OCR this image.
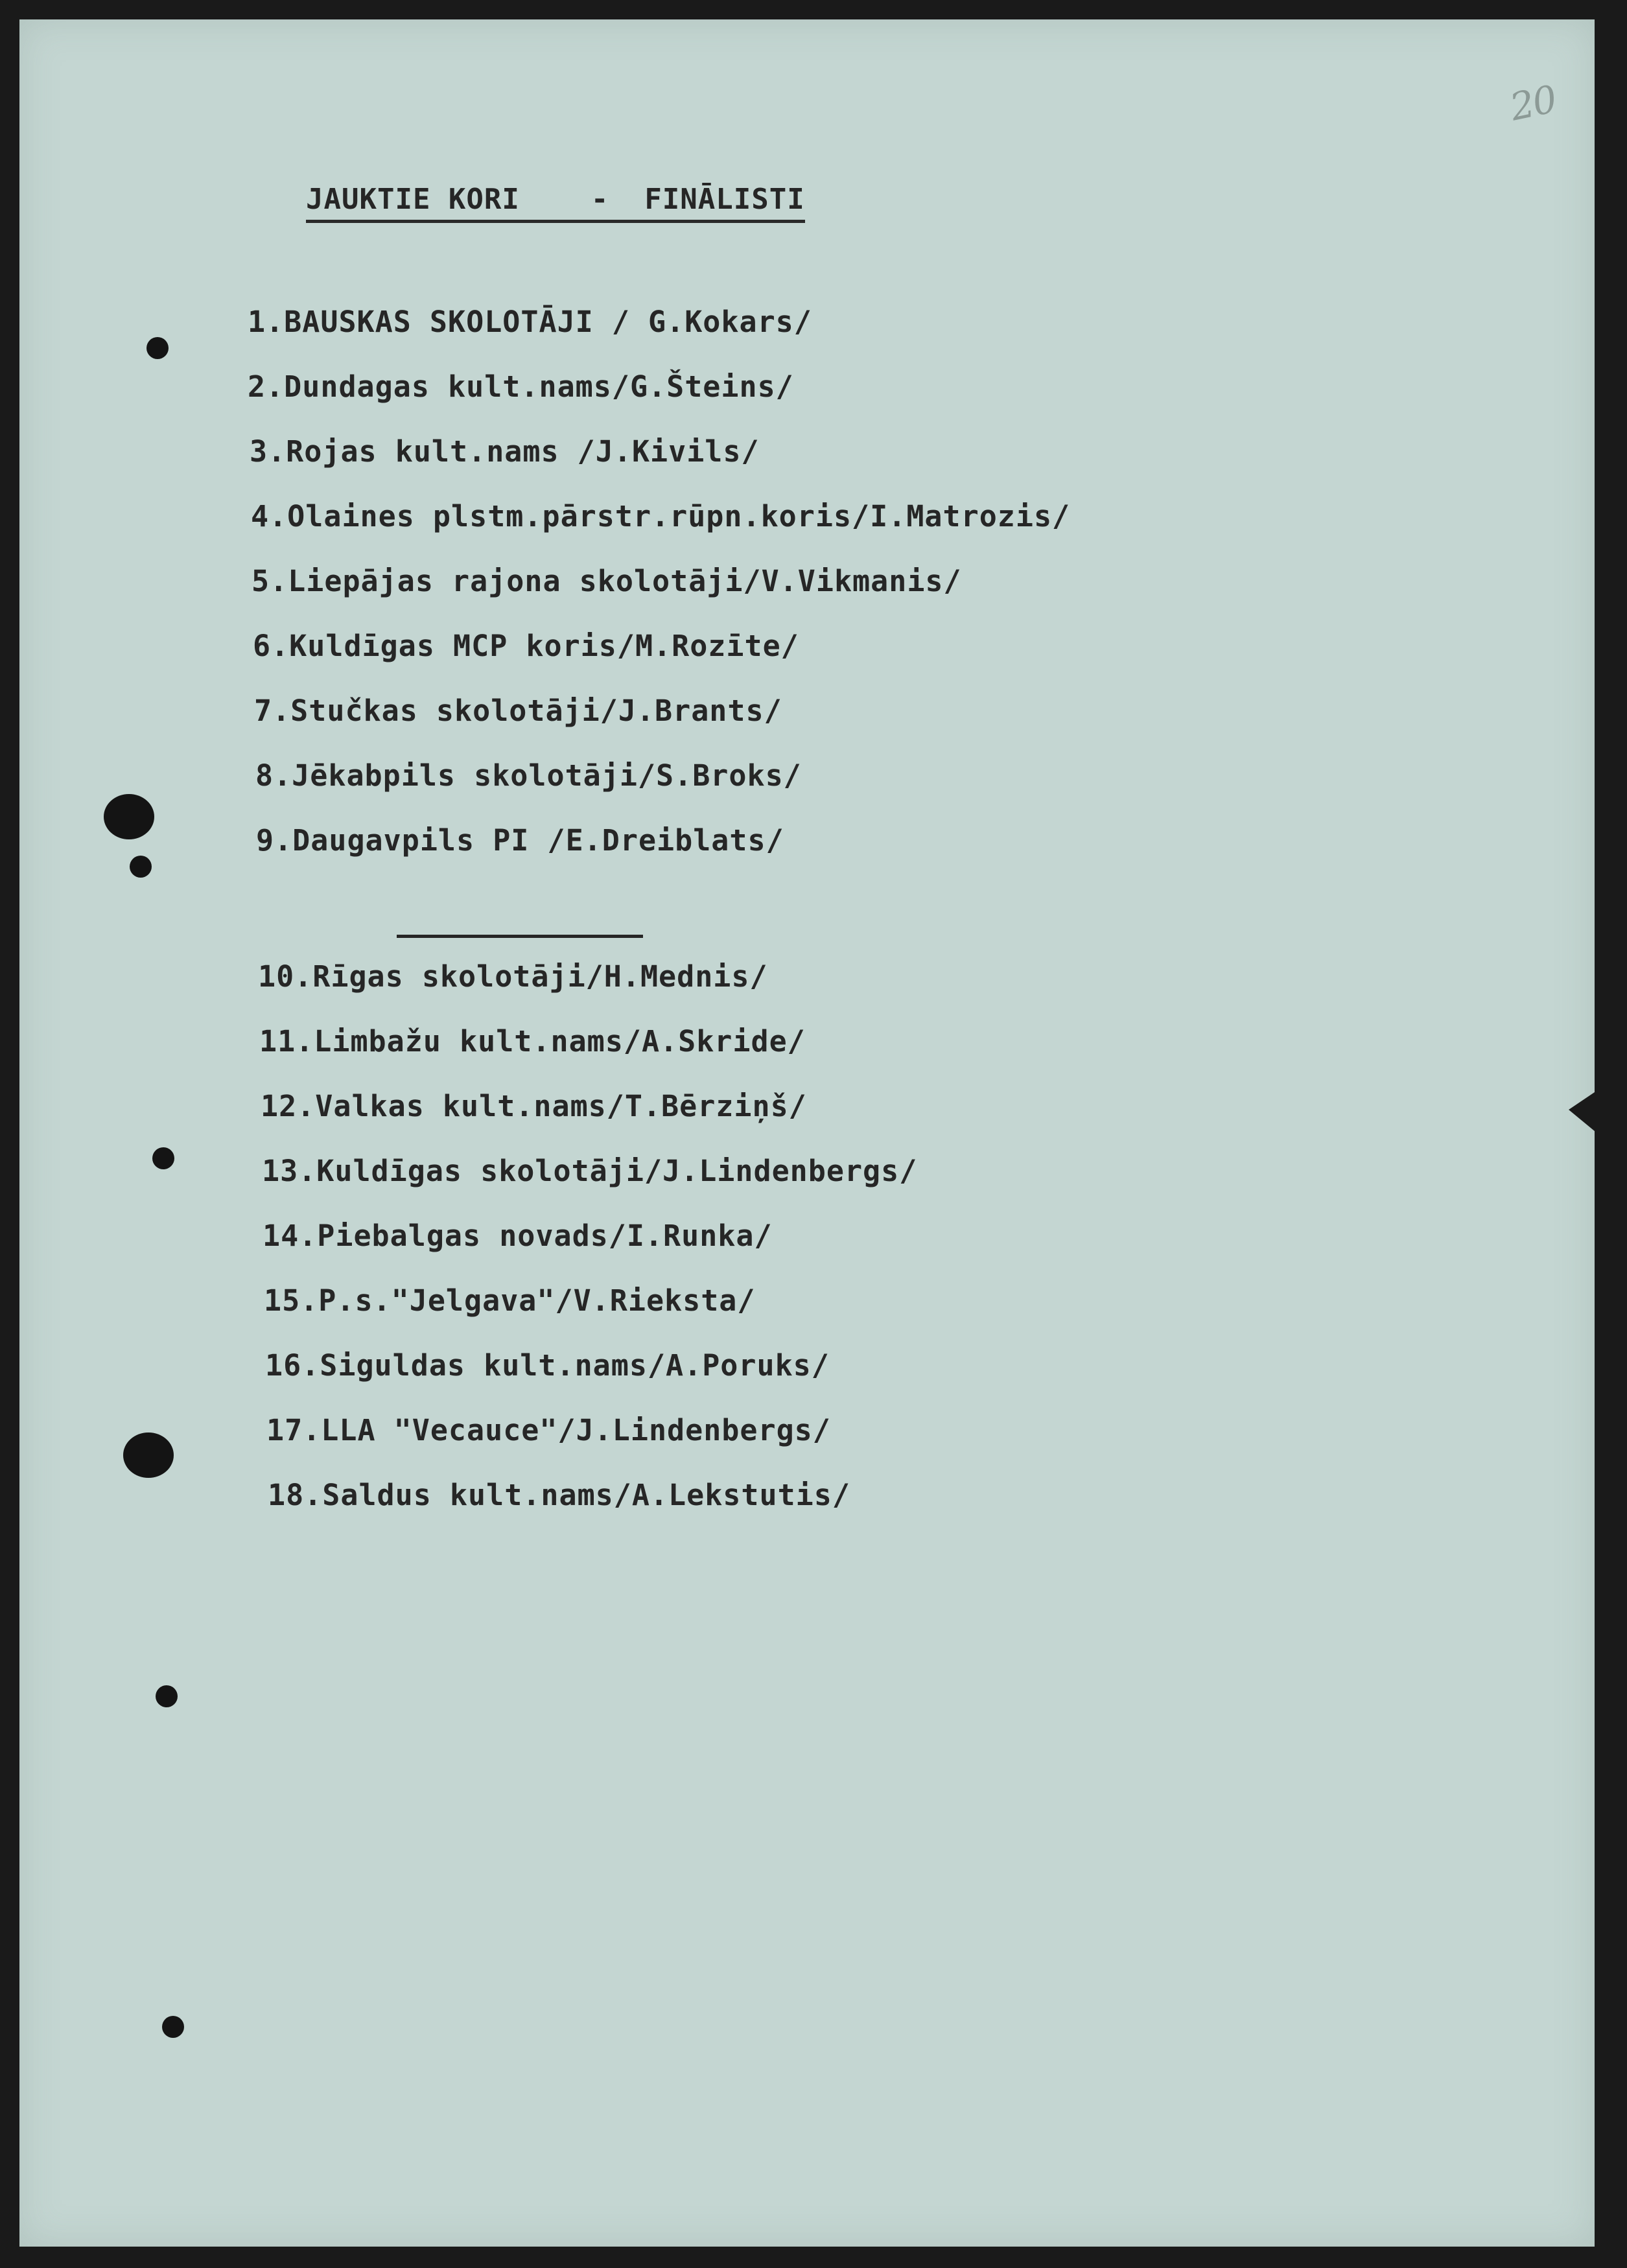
20
JAUKTIE KORI    -  FINĀLISTI
1.BAUSKAS SKOLOTĀJI / G.Kokars/
2.Dundagas kult.nams/G.Šteins/
3.Rojas kult.nams /J.Kivils/
4.Olaines plstm.pārstr.rūpn.koris/I.Matrozis/
5.Liepājas rajona skolotāji/V.Vikmanis/
6.Kuldīgas MCP koris/M.Rozīte/
7.Stučkas skolotāji/J.Brants/
8.Jēkabpils skolotāji/S.Broks/
9.Daugavpils PI /E.Dreiblats/
10.Rīgas skolotāji/H.Mednis/
11.Limbažu kult.nams/A.Skride/
12.Valkas kult.nams/T.Bērziņš/
13.Kuldīgas skolotāji/J.Lindenbergs/
14.Piebalgas novads/I.Runka/
15.P.s."Jelgava"/V.Rieksta/
16.Siguldas kult.nams/A.Poruks/
17.LLA "Vecauce"/J.Lindenbergs/
18.Saldus kult.nams/A.Lekstutis/
